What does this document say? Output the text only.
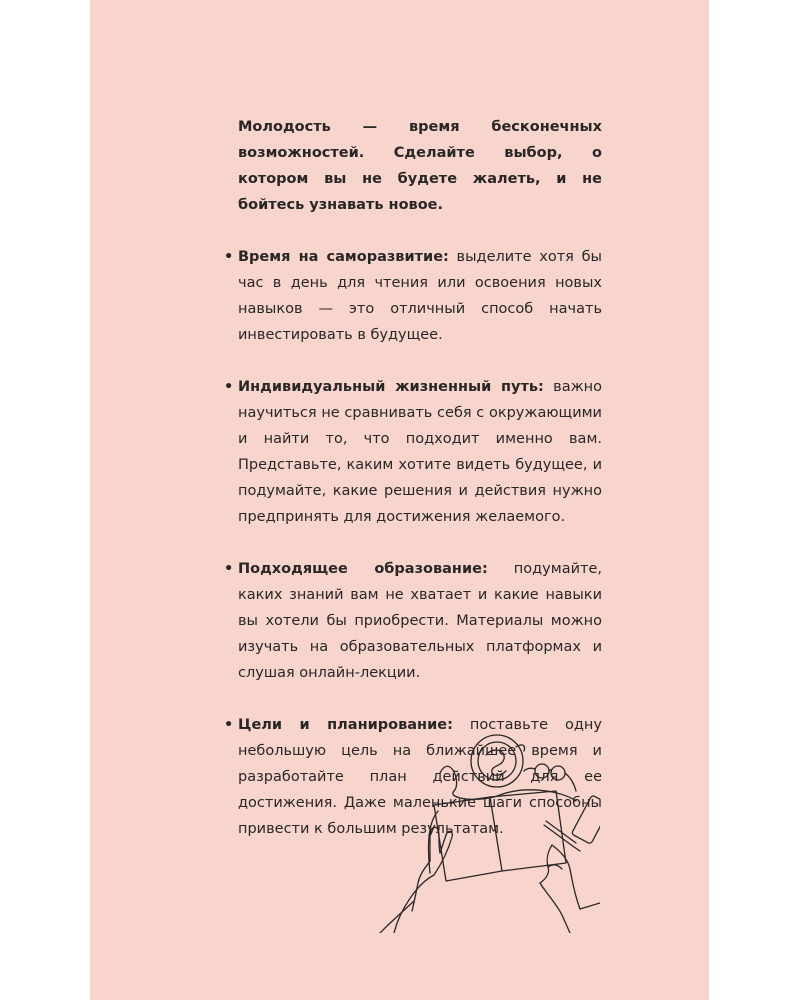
Молодость — время бесконечных возможностей. Сделайте выбор, о котором вы не будете жалеть, и не бойтесь узнавать новое.

• Время на саморазвитие: выделите хотя бы час в день для чтения или освоения новых навыков — это отличный способ начать инвестировать в будущее.
• Индивидуальный жизненный путь: важно научиться не сравнивать себя с окружающими и найти то, что подходит именно вам. Представьте, каким хотите видеть будущее, и подумайте, какие решения и действия нужно предпринять для достижения желаемого.
• Подходящее образование: подумайте, каких знаний вам не хватает и какие навыки вы хотели бы приобрести. Материалы можно изучать на образовательных платформах и слушая онлайн-лекции.
• Цели и планирование: поставьте одну небольшую цель на ближайшее время и разработайте план действий для ее достижения. Даже маленькие шаги способны привести к большим результатам.
